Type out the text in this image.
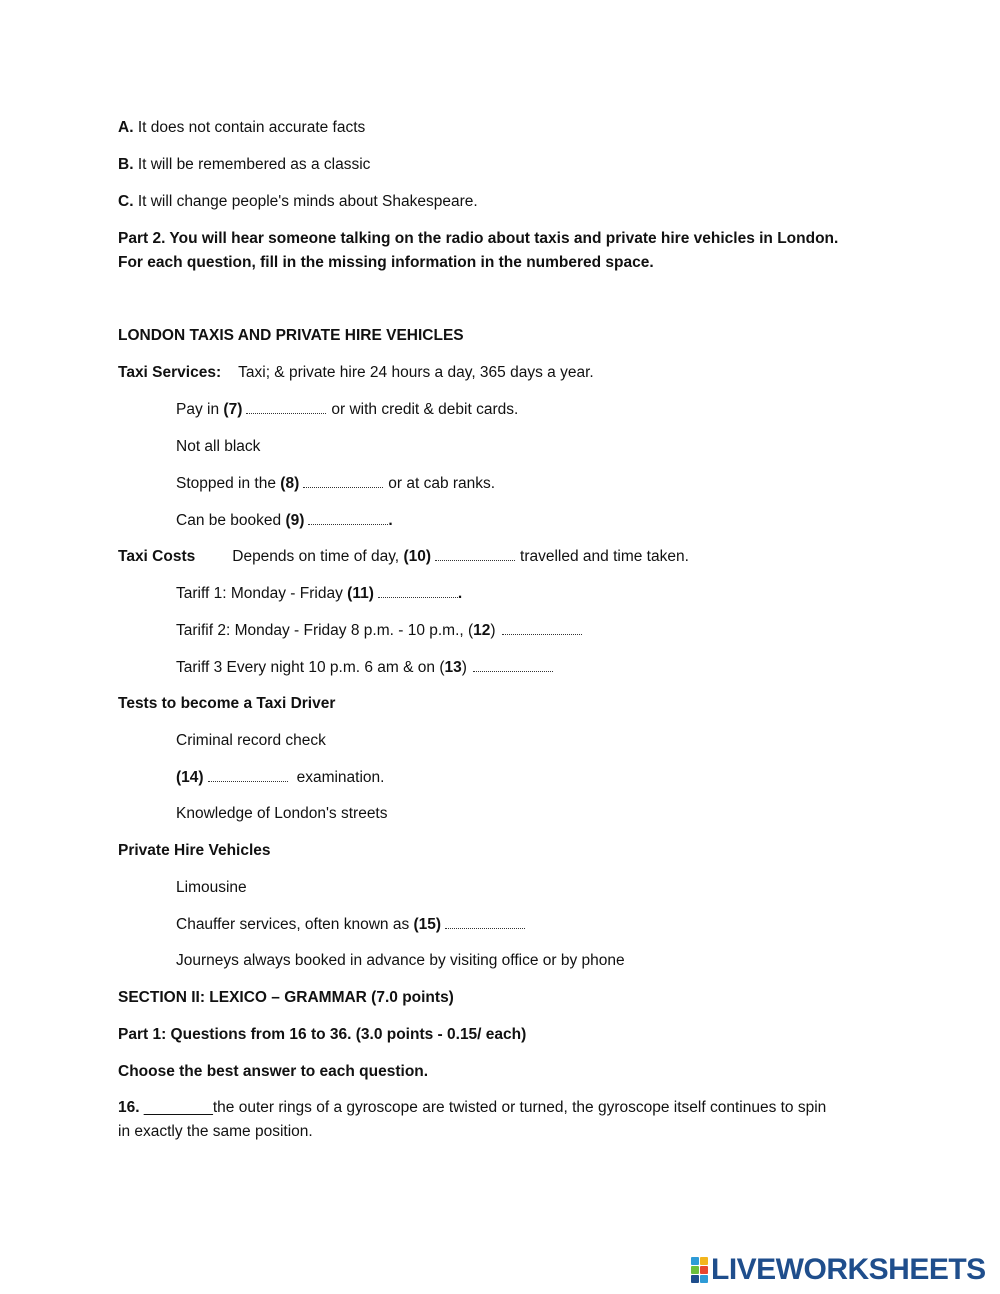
A. It does not contain accurate facts
B. It will be remembered as a classic
C. It will change people's minds about Shakespeare.
Part 2. You will hear someone talking on the radio about taxis and private hire vehicles in London.
For each question, fill in the missing information in the numbered space.
LONDON TAXIS AND PRIVATE HIRE VEHICLES
Taxi Services: Taxi; & private hire 24 hours a day, 365 days a year.
Pay in (7)	or with credit & debit cards.
Not all black
Stopped in the (8)	or at cab ranks.
Can be booked (9)	.
Taxi Costs Depends on time of day, (10)	travelled and time taken.
Tariff 1: Monday - Friday (11)	.
Tarifif 2: Monday - Friday 8 p.m. - 10 p.m., (12)
Tariff 3 Every night 10 p.m. 6 am & on (13)
Tests to become a Taxi Driver
Criminal record check
(14)	examination.
Knowledge of London's streets
Private Hire Vehicles
Limousine
Chauffer services, often known as (15)
Journeys always booked in advance by visiting office or by phone
SECTION II: LEXICO – GRAMMAR (7.0 points)
Part 1: Questions from 16 to 36. (3.0 points - 0.15/ each)
Choose the best answer to each question.
16. ________the outer rings of a gyroscope are twisted or turned, the gyroscope itself continues to spin
in exactly the same position.
LIVEWORKSHEETS
